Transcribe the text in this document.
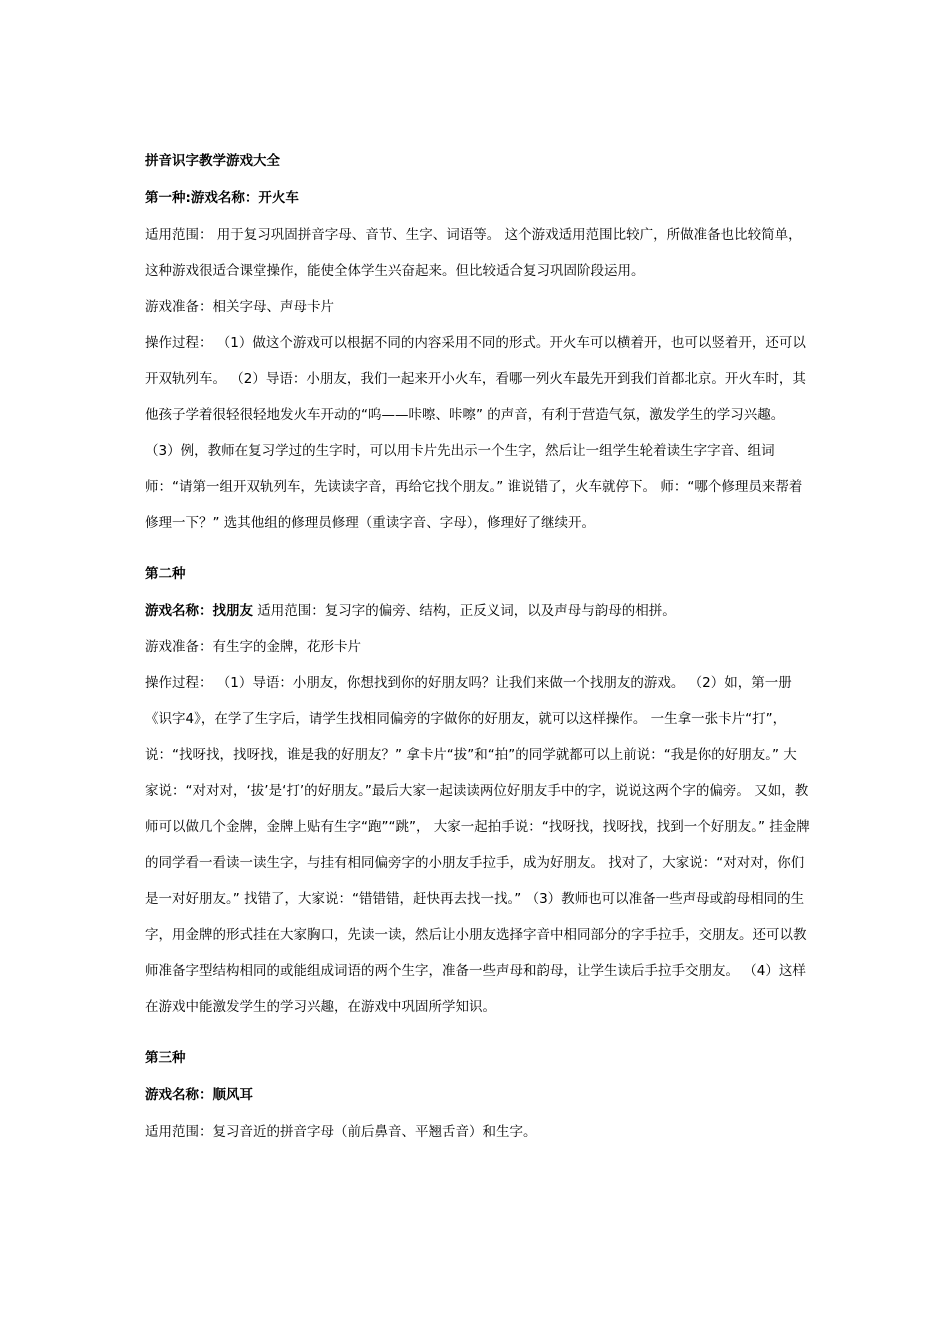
拼音识字教学游戏大全

第一种:游戏名称：开火车

适用范围： 用于复习巩固拼音字母、音节、生字、词语等。 这个游戏适用范围比较广，所做准备也比较简单，这种游戏很适合课堂操作，能使全体学生兴奋起来。但比较适合复习巩固阶段运用。

游戏准备：相关字母、声母卡片

操作过程： （1）做这个游戏可以根据不同的内容采用不同的形式。开火车可以横着开，也可以竖着开，还可以开双轨列车。 （2）导语：小朋友，我们一起来开小火车，看哪一列火车最先开到我们首都北京。开火车时，其他孩子学着很轻很轻地发火车开动的“呜——咔嚓、咔嚓” 的声音，有利于营造气氛，激发学生的学习兴趣。 （3）例，教师在复习学过的生字时，可以用卡片先出示一个生字，然后让一组学生轮着读生字字音、组词 师：“请第一组开双轨列车，先读读字音，再给它找个朋友。” 谁说错了，火车就停下。 师：“哪个修理员来帮着修理一下？” 选其他组的修理员修理（重读字音、字母），修理好了继续开。

第二种

游戏名称：找朋友 适用范围：复习字的偏旁、结构，正反义词，以及声母与韵母的相拼。

游戏准备：有生字的金牌，花形卡片

操作过程： （1）导语：小朋友，你想找到你的好朋友吗？让我们来做一个找朋友的游戏。 （2）如，第一册《识字4》，在学了生字后，请学生找相同偏旁的字做你的好朋友，就可以这样操作。 一生拿一张卡片“打”，说：“找呀找，找呀找，谁是我的好朋友？” 拿卡片“拔”和“拍”的同学就都可以上前说：“我是你的好朋友。” 大家说：“对对对，‘拔’是‘打’的好朋友。”最后大家一起读读两位好朋友手中的字，说说这两个字的偏旁。 又如，教师可以做几个金牌，金牌上贴有生字“跑”“跳”， 大家一起拍手说：“找呀找，找呀找，找到一个好朋友。” 挂金牌的同学看一看读一读生字，与挂有相同偏旁字的小朋友手拉手，成为好朋友。 找对了，大家说：“对对对，你们是一对好朋友。” 找错了，大家说：“错错错，赶快再去找一找。” （3）教师也可以准备一些声母或韵母相同的生字，用金牌的形式挂在大家胸口，先读一读，然后让小朋友选择字音中相同部分的字手拉手，交朋友。还可以教师准备字型结构相同的或能组成词语的两个生字，准备一些声母和韵母，让学生读后手拉手交朋友。 （4）这样在游戏中能激发学生的学习兴趣，在游戏中巩固所学知识。

第三种

游戏名称：顺风耳

适用范围：复习音近的拼音字母（前后鼻音、平翘舌音）和生字。
